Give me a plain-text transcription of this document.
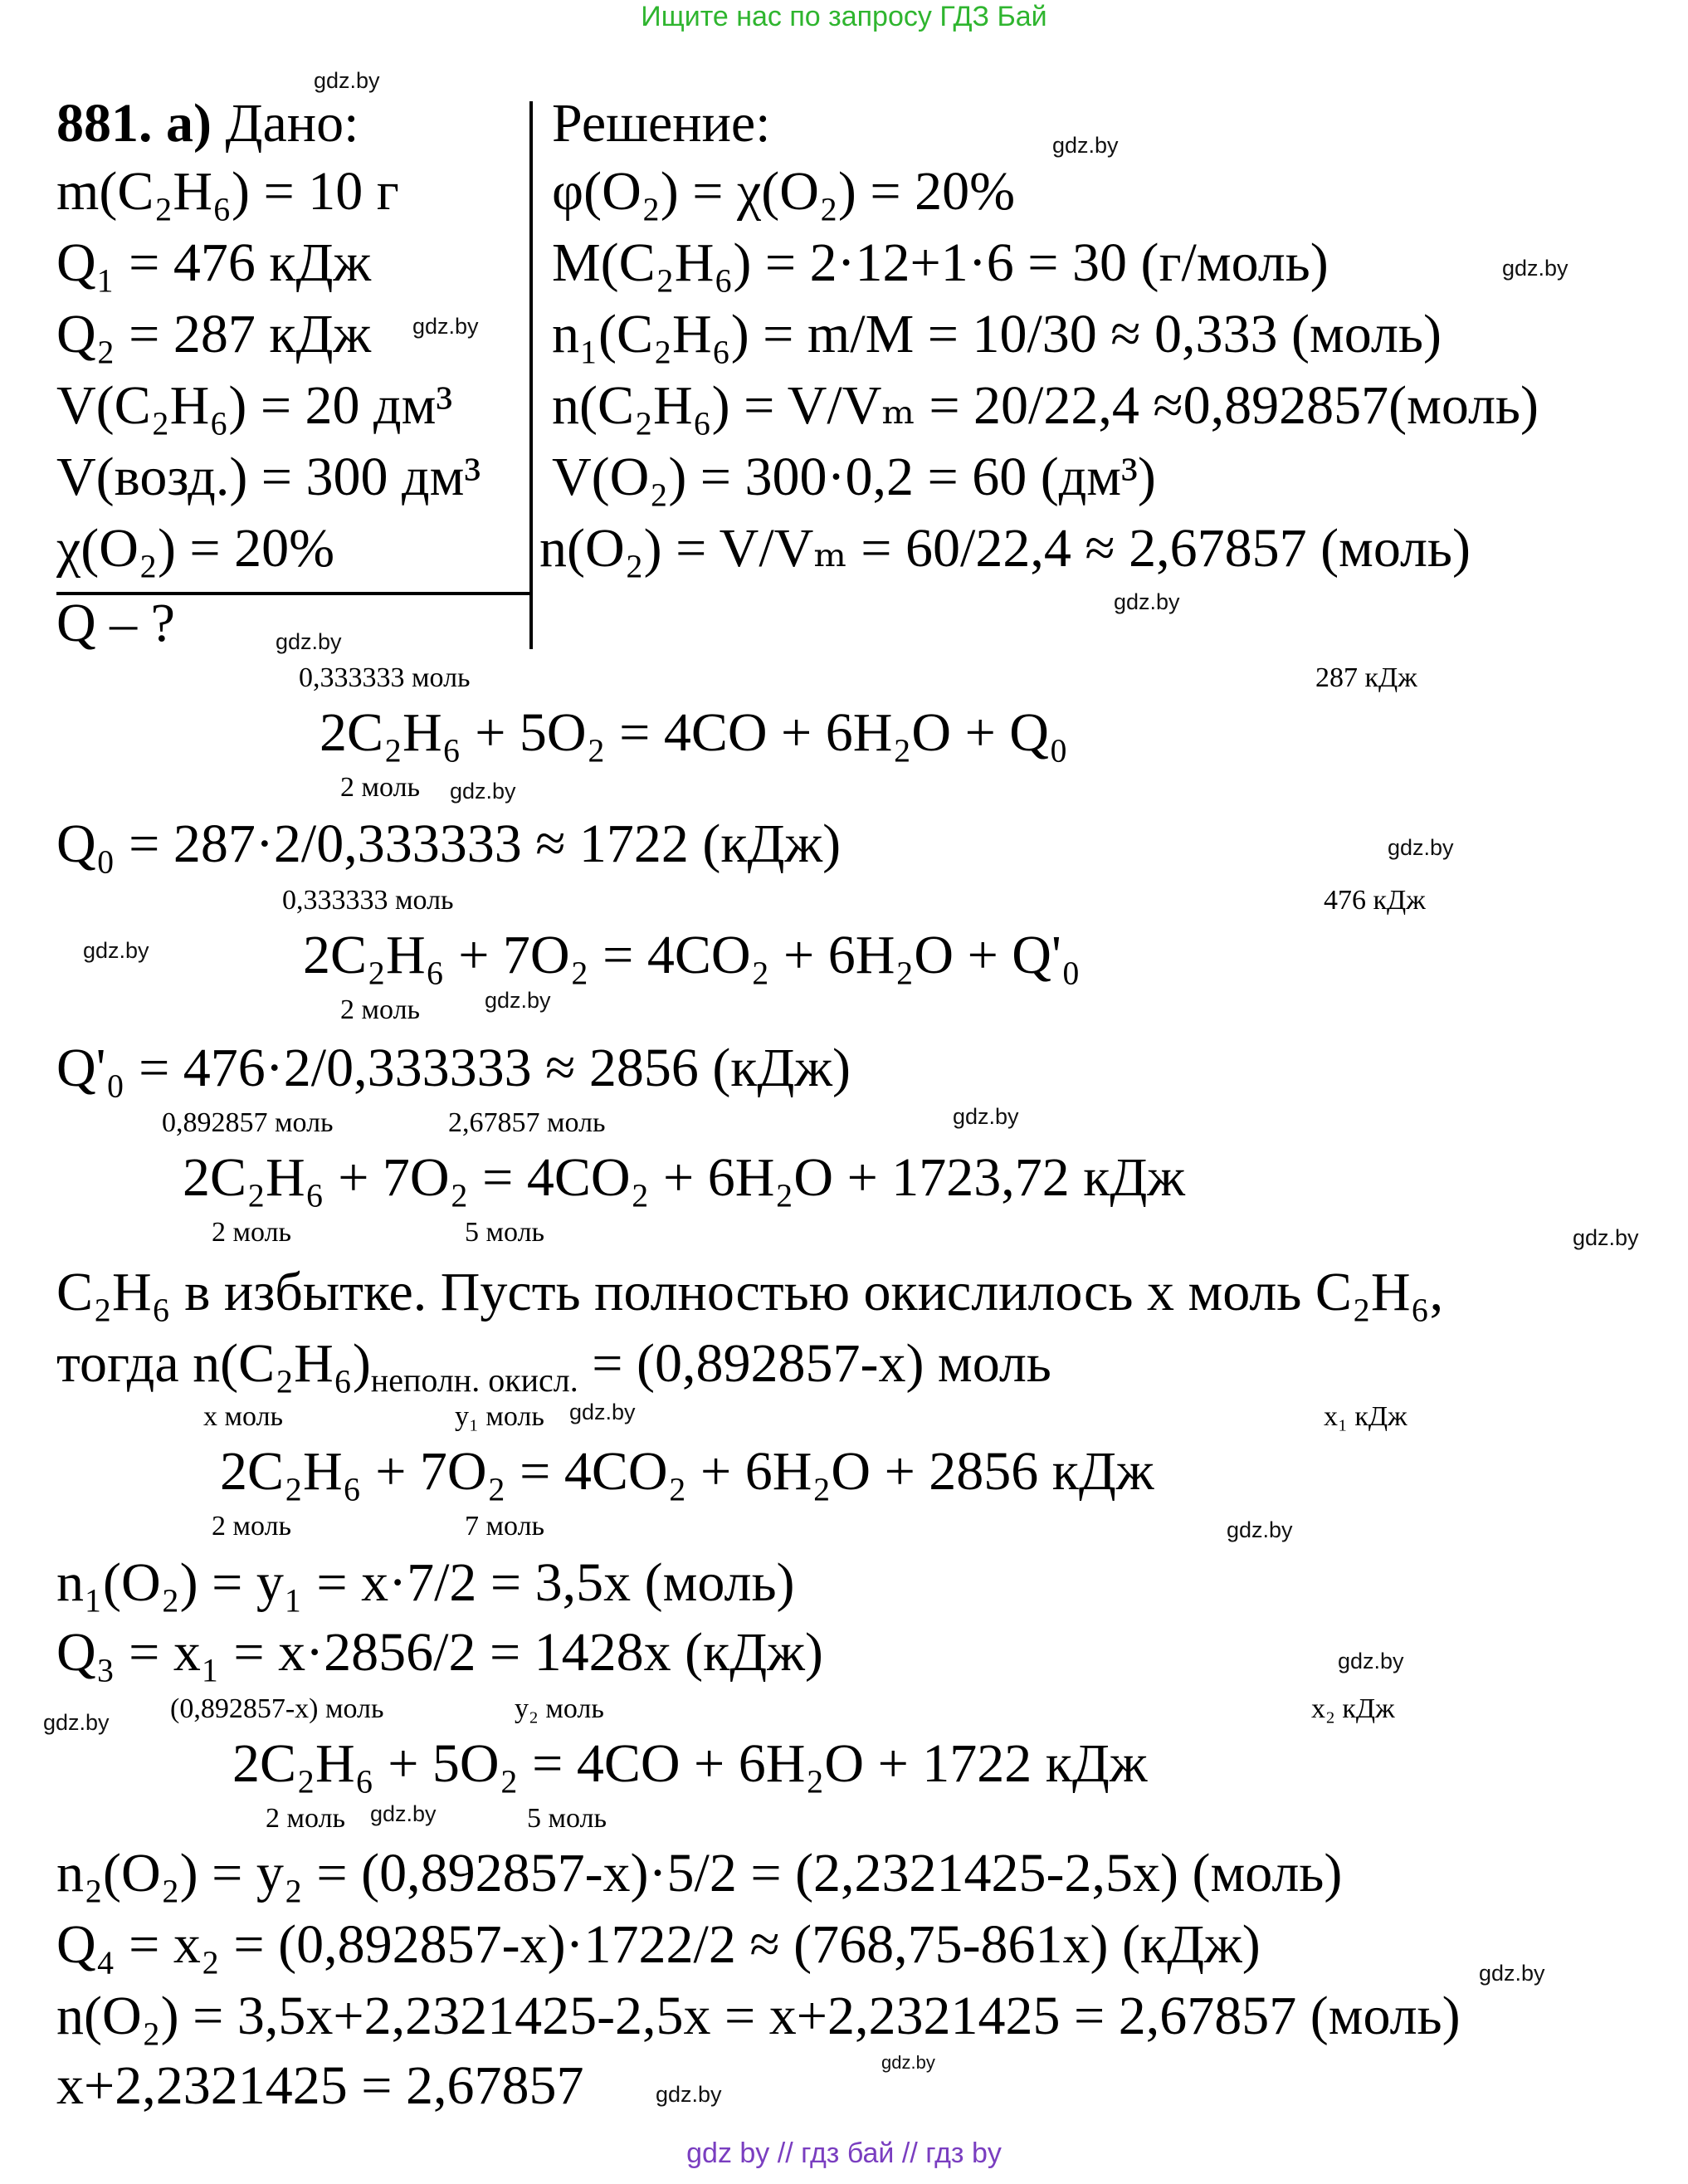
Ищите нас по запросу ГДЗ Бай
881. а) Дано:	Решение:
m(C₂H₆) = 10 г
Q₁ = 476 кДж
Q₂ = 287 кДж
V(C₂H₆) = 20 дм³
V(возд.) = 300 дм³
χ(O₂) = 20%
Q – ?
φ(O₂) = χ(O₂) = 20%
M(C₂H₆) = 2·12+1·6 = 30 (г/моль)
n₁(C₂H₆) = m/M = 10/30 ≈ 0,333 (моль)
n(C₂H₆) = V/Vₘ = 20/22,4 ≈0,892857(моль)
V(O₂) = 300·0,2 = 60 (дм³)
n(O₂) = V/Vₘ = 60/22,4 ≈ 2,67857 (моль)
0,333333 моль	287 кДж
2C₂H₆ + 5O₂ = 4CO + 6H₂O + Q₀
2 моль
Q₀ = 287·2/0,333333 ≈ 1722 (кДж)
0,333333 моль	476 кДж
2C₂H₆ + 7O₂ = 4CO₂ + 6H₂O + Q'₀
2 моль
Q'₀ = 476·2/0,333333 ≈ 2856 (кДж)
0,892857 моль	2,67857 моль
2C₂H₆ + 7O₂ = 4CO₂ + 6H₂O + 1723,72 кДж
2 моль	5 моль
C₂H₆ в избытке. Пусть полностью окислилось x моль C₂H₆,
тогда n(C₂H₆)неполн. окисл. = (0,892857-x) моль
x моль	y₁ моль	x₁ кДж
2C₂H₆ + 7O₂ = 4CO₂ + 6H₂O + 2856 кДж
2 моль	7 моль
n₁(O₂) = y₁ = x·7/2 = 3,5x (моль)
Q₃ = x₁ = x·2856/2 = 1428x (кДж)
(0,892857-x) моль	y₂ моль	x₂ кДж
2C₂H₆ + 5O₂ = 4CO + 6H₂O + 1722 кДж
2 моль	5 моль
n₂(O₂) = y₂ = (0,892857-x)·5/2 = (2,2321425-2,5x) (моль)
Q₄ = x₂ = (0,892857-x)·1722/2 ≈ (768,75-861x) (кДж)
n(O₂) = 3,5x+2,2321425-2,5x = x+2,2321425 = 2,67857 (моль)
x+2,2321425 = 2,67857
gdz.by
gdz.by
gdz.by
gdz.by
gdz.by
gdz.by
gdz.by
gdz.by
gdz.by
gdz.by
gdz.by
gdz.by
gdz.by
gdz.by
gdz.by
gdz.by
gdz.by
gdz.by
gdz.by
gdz.by
gdz by // гдз бай // гдз by
